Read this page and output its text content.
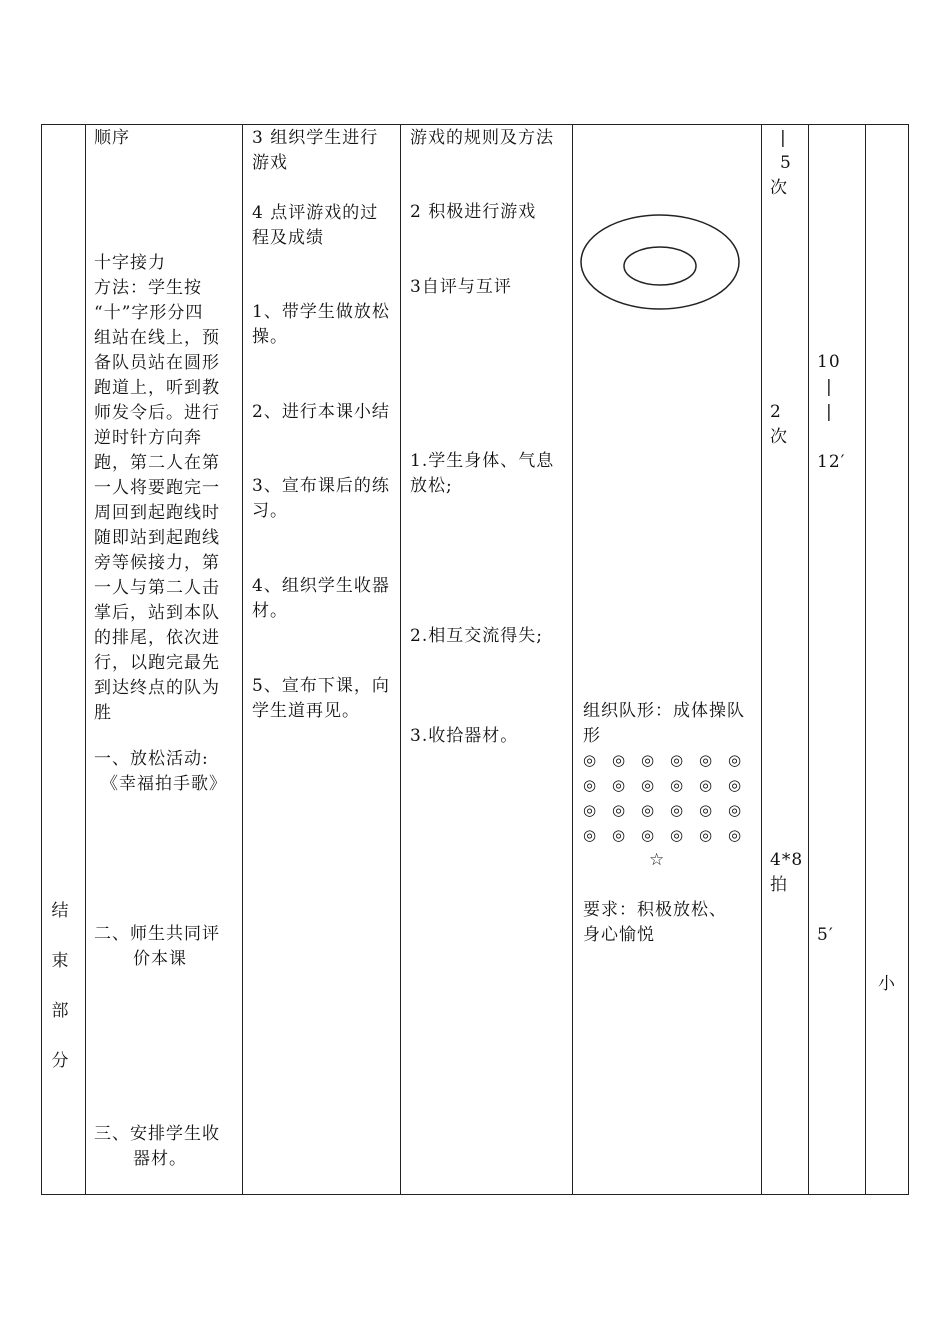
结
束
部
分
顺序
十字接力
方法：学生按
“十”字形分四
组站在线上，预
备队员站在圆形
跑道上，听到教
师发令后。进行
逆时针方向奔
跑，第二人在第
一人将要跑完一
周回到起跑线时
随即站到起跑线
旁等候接力，第
一人与第二人击
掌后，站到本队
的排尾，依次进
行，以跑完最先
到达终点的队为
胜
一、放松活动:
《幸福拍手歌》
二、师生共同评
价本课
三、安排学生收
器材。
3 组织学生进行
游戏
4 点评游戏的过
程及成绩
1、带学生做放松
操。
2、进行本课小结
3、宣布课后的练
习。
4、组织学生收器
材。
5、宣布下课，向
学生道再见。
游戏的规则及方法
2 积极进行游戏
3自评与互评
1.学生身体、气息
放松;
2.相互交流得失;
3.收拾器材。
组织队形：成体操队
形
◎ ◎ ◎ ◎ ◎ ◎
◎ ◎ ◎ ◎ ◎ ◎
◎ ◎ ◎ ◎ ◎ ◎
◎ ◎ ◎ ◎ ◎ ◎
☆
要求：积极放松、
身心愉悦
|
5
次
2
次
4*8
拍
10
|
|
12′
5′
小
